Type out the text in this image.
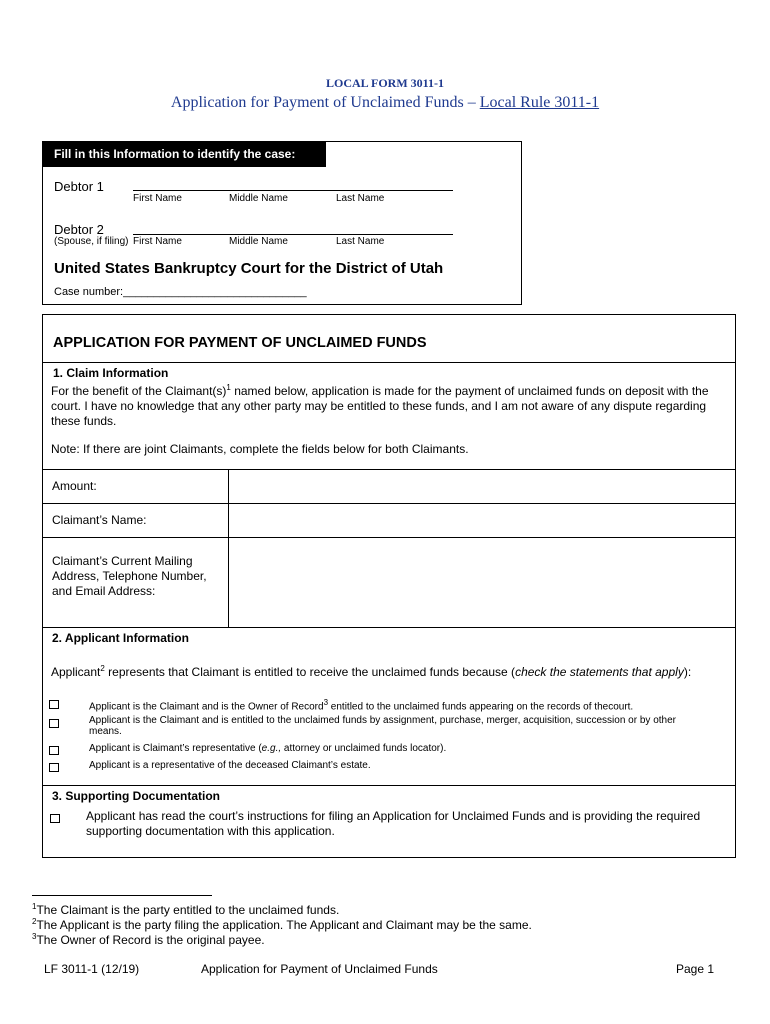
LOCAL FORM 3011-1
Application for Payment of Unclaimed Funds – Local Rule 3011-1
Fill in this Information to identify the case:
Debtor 1
First Name	Middle Name	Last Name
Debtor 2
(Spouse, if filing) First Name	Middle Name	Last Name
United States Bankruptcy Court for the District of Utah
Case number:______________________________
APPLICATION FOR PAYMENT OF UNCLAIMED FUNDS
1. Claim Information
For the benefit of the $Claimant(s)^1$ named below, application is made for the payment of unclaimed funds on deposit with the court. I have no knowledge that any other party may be entitled to these funds, and I am not aware of any dispute regarding these funds.
Note: If there are joint Claimants, complete the fields below for both Claimants.
Amount:
Claimant’s Name:
Claimant’s Current Mailing Address, Telephone Number, and Email Address:
2. Applicant Information
Applicant$^2$ represents that Claimant is entitled to receive the unclaimed funds because (check the statements that apply):
Applicant is the Claimant and is the Owner of Record$^3$ entitled to the unclaimed funds appearing on the records of thecourt.
Applicant is the Claimant and is entitled to the unclaimed funds by assignment, purchase, merger, acquisition, succession or by other means.
Applicant is Claimant’s representative (e.g., attorney or unclaimed funds locator).
Applicant is a representative of the deceased Claimant’s estate.
3. Supporting Documentation
Applicant has read the court’s instructions for filing an Application for Unclaimed Funds and is providing the required supporting documentation with this application.
$^1$The Claimant is the party entitled to the unclaimed funds.
$^2$The Applicant is the party filing the application. The Applicant and Claimant may be the same.
$^3$The Owner of Record is the original payee.
LF 3011-1 (12/19)	Application for Payment of Unclaimed Funds	Page 1
